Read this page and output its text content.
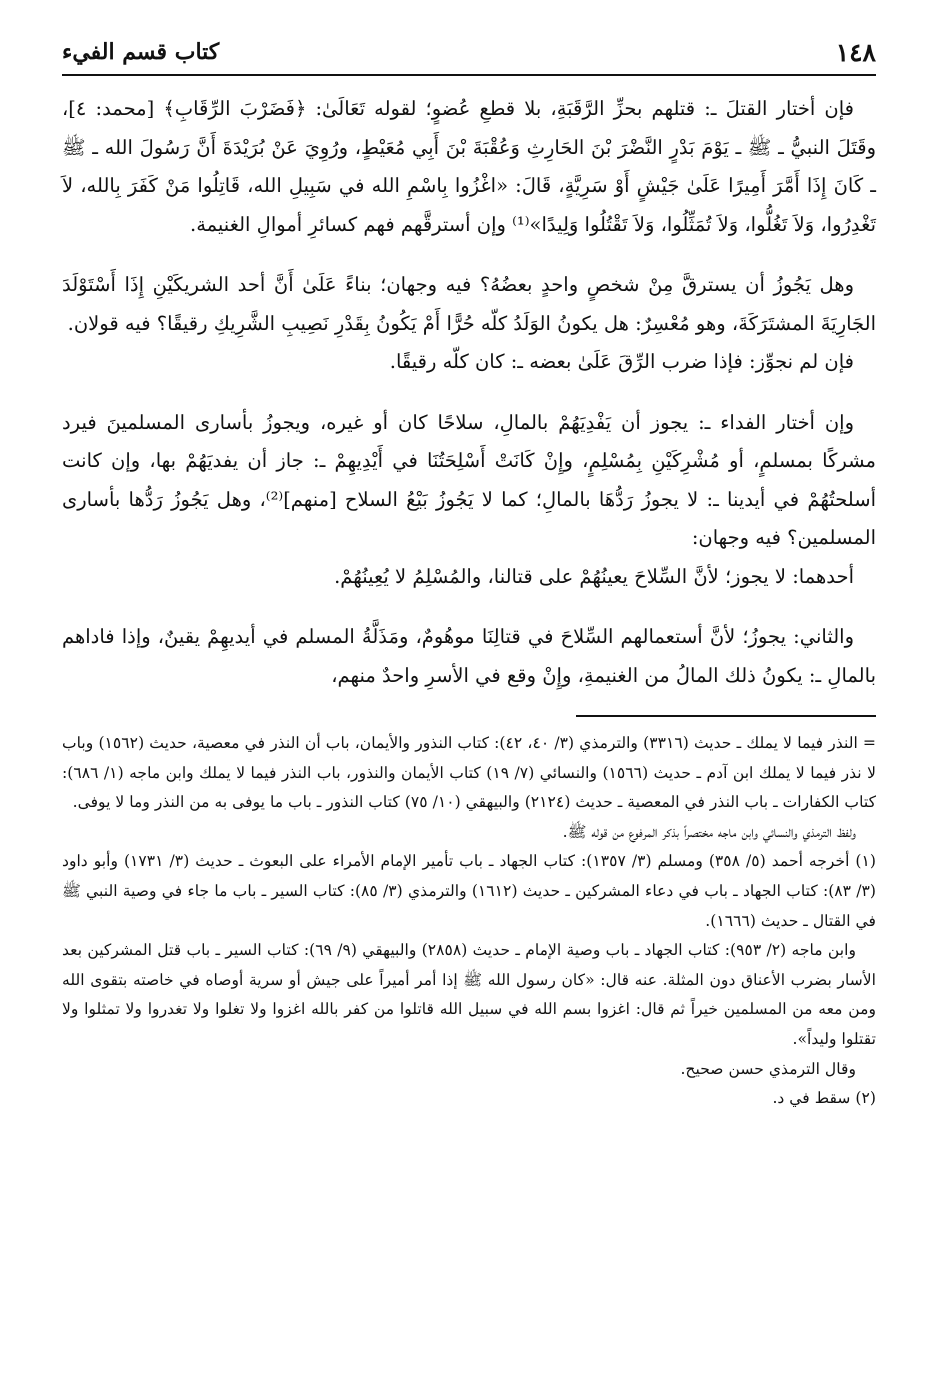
١٤٨
كتاب قسم الفيء

فإن أختار القتلَ ـ: قتلهم بحزِّ الرَّقَبَةِ، بلا قطعِ عُضوٍ؛ لقوله تَعَالَىٰ: ﴿فَضَرْبَ الرِّقَابِ﴾ [محمد: ٤]، وقَتَلَ النبيُّ ـ ﷺ ـ يَوْمَ بَدْرٍ النَّضْرَ بْنَ الحَارِثِ وَعُقْبَةَ بْنَ أَبِي مُعَيْطٍ، ورُوِيَ عَنْ بُرَيْدَةَ أَنَّ رَسُولَ الله ـ ﷺ ـ كَانَ إِذَا أَمَّرَ أَمِيرًا عَلَىٰ جَيْشٍ أَوْ سَرِيَّةٍ، قَالَ: «اغْزُوا بِاسْمِ الله في سَبِيلِ الله، قَاتِلُوا مَنْ كَفَرَ بِالله، لاَ تَغْدِرُوا، وَلاَ تَغُلُّوا، وَلاَ تُمَثِّلُوا، وَلاَ تَقْتُلُوا وَلِيدًا»⁽¹⁾ وإن أسترقَّهم فهم كسائرِ أموالِ الغنيمة.

وهل يَجُوزُ أن يسترقَّ مِنْ شخصٍ واحدٍ بعضُهُ؟ فيه وجهان؛ بناءً عَلَىٰ أَنَّ أحد الشريكَيْنِ إِذَا أَسْتَوْلَدَ الجَارِيَةَ المشتَرَكَةَ، وهو مُعْسِرٌ: هل يكونُ الوَلَدُ كلّه حُرًّا أَمْ يَكُونُ بِقَدْرِ نَصِيبِ الشَّرِيكِ رقيقًا؟ فيه قولان.

فإن لم نجوِّز: فإذا ضرب الرِّقَ عَلَىٰ بعضه ـ: كان كلّه رقيقًا.

وإن أختار الفداء ـ: يجوز أن يَفْدِيَهُمْ بالمالِ، سلاحًا كان أو غيره، ويجوزُ بأسارى المسلمينَ فيرد مشركًا بمسلمٍ، أو مُشْرِكَيْنِ بِمُسْلِمٍ، وإِنْ كَانَتْ أَسْلِحَتُنَا في أَيْدِيهِمْ ـ: جاز أن يفديَهُمْ بها، وإن كانت أسلحتُهُمْ في أيدينا ـ: لا يجوزُ رَدُّهَا بالمالِ؛ كما لا يَجُوزُ بَيْعُ السلاح [منهم]⁽²⁾، وهل يَجُوزُ رَدُّها بأسارى المسلمين؟ فيه وجهان:

أحدهما: لا يجوز؛ لأنَّ السِّلاحَ يعينُهُمْ على قتالنا، والمُسْلِمُ لا يُعِينُهُمْ.

والثاني: يجوزُ؛ لأنَّ أستعمالهم السِّلاحَ في قتالِنَا موهُومٌ، ومَذَلَّةُ المسلم في أيديهِمْ يقينٌ، وإذا فاداهم بالمالِ ـ: يكونُ ذلك المالُ من الغنيمةِ، وإِنْ وقع في الأسرِ واحدٌ منهم،

= النذر فيما لا يملك ـ حديث (٣٣١٦) والترمذي (٣/ ٤٠، ٤٢): كتاب النذور والأيمان، باب أن النذر في معصية، حديث (١٥٦٢) وباب لا نذر فيما لا يملك ابن آدم ـ حديث (١٥٦٦) والنسائي (٧/ ١٩) كتاب الأيمان والنذور، باب النذر فيما لا يملك وابن ماجه (١/ ٦٨٦): كتاب الكفارات ـ باب النذر في المعصية ـ حديث (٢١٢٤) والبيهقي (١٠/ ٧٥) كتاب النذور ـ باب ما يوفى به من النذر وما لا يوفى.

ولفظ الترمذي والنسائي وابن ماجه مختصراً بذكر المرفوع من قوله ﷺ.

(١) أخرجه أحمد (٥/ ٣٥٨) ومسلم (٣/ ١٣٥٧): كتاب الجهاد ـ باب تأمير الإمام الأمراء على البعوث ـ حديث (٣/ ١٧٣١) وأبو داود (٣/ ٨٣): كتاب الجهاد ـ باب في دعاء المشركين ـ حديث (١٦١٢) والترمذي (٣/ ٨٥): كتاب السير ـ باب ما جاء في وصية النبي ﷺ في القتال ـ حديث (١٦٦٦).

وابن ماجه (٢/ ٩٥٣): كتاب الجهاد ـ باب وصية الإمام ـ حديث (٢٨٥٨) والبيهقي (٩/ ٦٩): كتاب السير ـ باب قتل المشركين بعد الأسار بضرب الأعناق دون المثلة. عنه قال: «كان رسول الله ﷺ إذا أمر أميراً على جيش أو سرية أوصاه في خاصته بتقوى الله ومن معه من المسلمين خيراً ثم قال: اغزوا بسم الله في سبيل الله قاتلوا من كفر بالله اغزوا ولا تغلوا ولا تغدروا ولا تمثلوا ولا تقتلوا وليداً».

وقال الترمذي حسن صحيح.

(٢) سقط في د.
